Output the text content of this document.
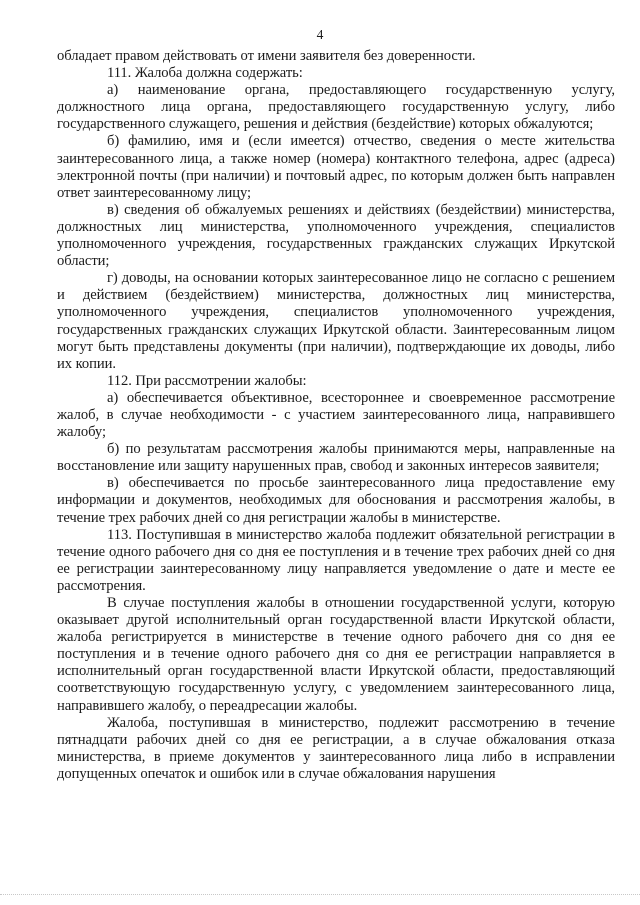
4

обладает правом действовать от имени заявителя без доверенности.

111. Жалоба должна содержать:

а) наименование органа, предоставляющего государственную услугу, должностного лица органа, предоставляющего государственную услугу, либо государственного служащего, решения и действия (бездействие) которых обжалуются;

б) фамилию, имя и (если имеется) отчество, сведения о месте жительства заинтересованного лица, а также номер (номера) контактного телефона, адрес (адреса) электронной почты (при наличии) и почтовый адрес, по которым должен быть направлен ответ заинтересованному лицу;

в) сведения об обжалуемых решениях и действиях (бездействии) министерства, должностных лиц министерства, уполномоченного учреждения, специалистов уполномоченного учреждения, государственных гражданских служащих Иркутской области;

г) доводы, на основании которых заинтересованное лицо не согласно с решением и действием (бездействием) министерства, должностных лиц министерства, уполномоченного учреждения, специалистов уполномоченного учреждения, государственных гражданских служащих Иркутской области. Заинтересованным лицом могут быть представлены документы (при наличии), подтверждающие их доводы, либо их копии.

112. При рассмотрении жалобы:

а) обеспечивается объективное, всестороннее и своевременное рассмотрение жалоб, в случае необходимости - с участием заинтересованного лица, направившего жалобу;

б) по результатам рассмотрения жалобы принимаются меры, направленные на восстановление или защиту нарушенных прав, свобод и законных интересов заявителя;

в) обеспечивается по просьбе заинтересованного лица предоставление ему информации и документов, необходимых для обоснования и рассмотрения жалобы, в течение трех рабочих дней со дня регистрации жалобы в министерстве.

113. Поступившая в министерство жалоба подлежит обязательной регистрации в течение одного рабочего дня со дня ее поступления и в течение трех рабочих дней со дня ее регистрации заинтересованному лицу направляется уведомление о дате и месте ее рассмотрения.

В случае поступления жалобы в отношении государственной услуги, которую оказывает другой исполнительный орган государственной власти Иркутской области, жалоба регистрируется в министерстве в течение одного рабочего дня со дня ее поступления и в течение одного рабочего дня со дня ее регистрации направляется в исполнительный орган государственной власти Иркутской области, предоставляющий соответствующую государственную услугу, с уведомлением заинтересованного лица, направившего жалобу, о переадресации жалобы.

Жалоба, поступившая в министерство, подлежит рассмотрению в течение пятнадцати рабочих дней со дня ее регистрации, а в случае обжалования отказа министерства, в приеме документов у заинтересованного лица либо в исправлении допущенных опечаток и ошибок или в случае обжалования нарушения
